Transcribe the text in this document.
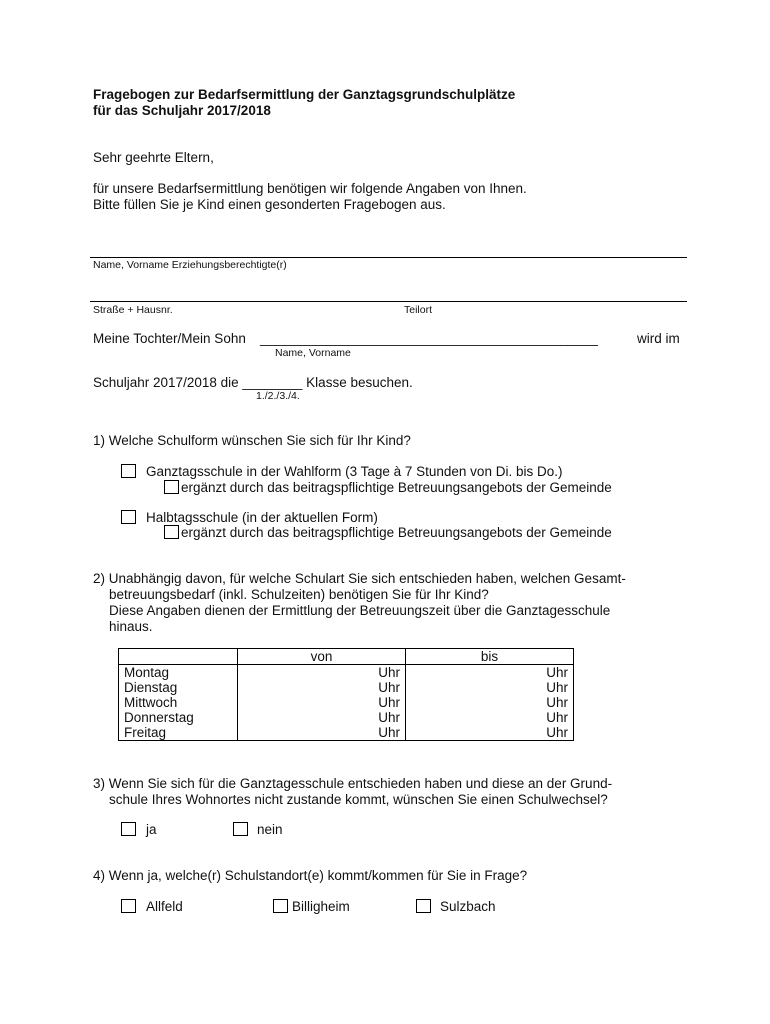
Fragebogen zur Bedarfsermittlung der Ganztagsgrundschulplätze
für das Schuljahr 2017/2018
Sehr geehrte Eltern,
für unsere Bedarfsermittlung benötigen wir folgende Angaben von Ihnen.
Bitte füllen Sie je Kind einen gesonderten Fragebogen aus.
Name, Vorname Erziehungsberechtigte(r)
Straße + Hausnr.	Teilort
Meine Tochter/Mein Sohn _____________________________________________	wird im
Name, Vorname
Schuljahr 2017/2018 die ________ Klasse besuchen.
1./2./3./4.
1) Welche Schulform wünschen Sie sich für Ihr Kind?
Ganztagsschule in der Wahlform (3 Tage à 7 Stunden von Di. bis Do.)
ergänzt durch das beitragspflichtige Betreuungsangebots der Gemeinde
Halbtagsschule (in der aktuellen Form)
ergänzt durch das beitragspflichtige Betreuungsangebots der Gemeinde
2) Unabhängig davon, für welche Schulart Sie sich entschieden haben, welchen Gesamt-
betreuungsbedarf (inkl. Schulzeiten) benötigen Sie für Ihr Kind?
Diese Angaben dienen der Ermittlung der Betreuungszeit über die Ganztagesschule
hinaus.
	von	bis
Montag	Uhr	Uhr
Dienstag	Uhr	Uhr
Mittwoch	Uhr	Uhr
Donnerstag	Uhr	Uhr
Freitag	Uhr	Uhr
3) Wenn Sie sich für die Ganztagesschule entschieden haben und diese an der Grund-
schule Ihres Wohnortes nicht zustande kommt, wünschen Sie einen Schulwechsel?
ja	nein
4) Wenn ja, welche(r) Schulstandort(e) kommt/kommen für Sie in Frage?
Allfeld	Billigheim	Sulzbach
